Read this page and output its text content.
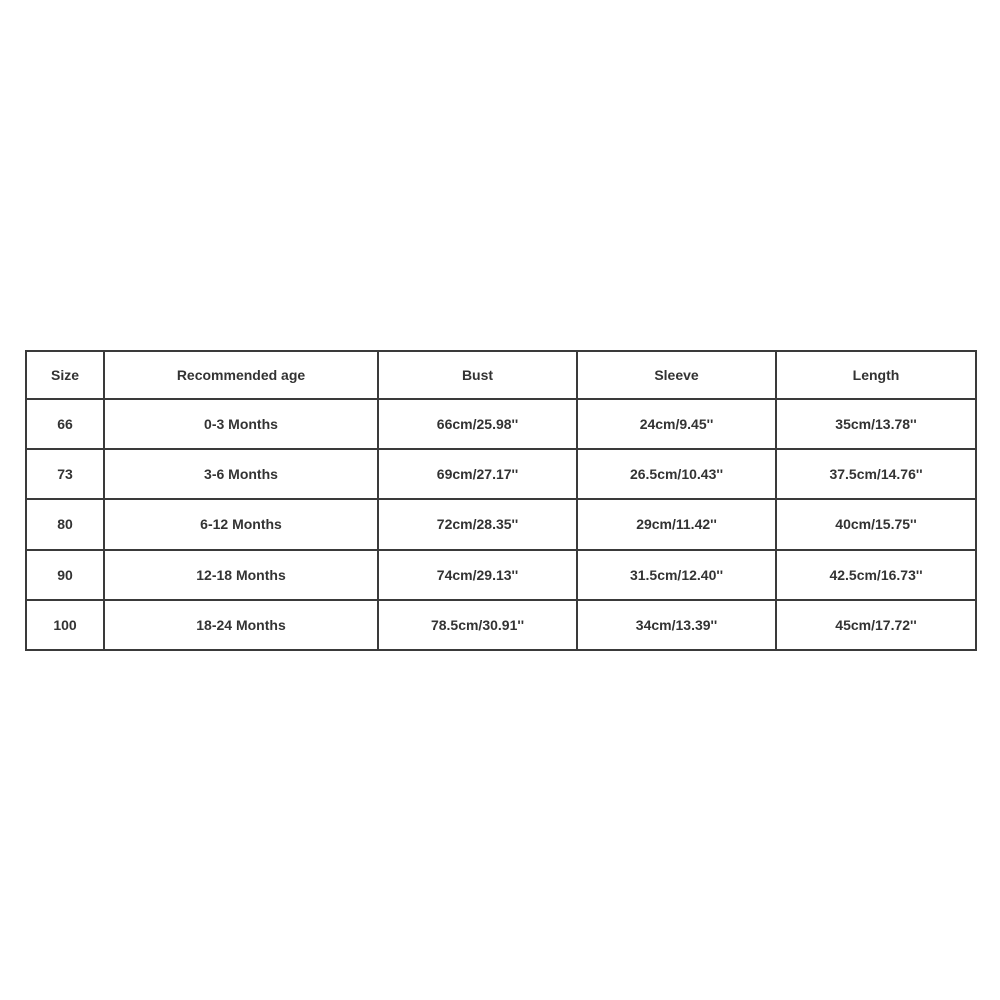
Size	Recommended age	Bust	Sleeve	Length
66	0-3 Months	66cm/25.98''	24cm/9.45''	35cm/13.78''
73	3-6 Months	69cm/27.17''	26.5cm/10.43''	37.5cm/14.76''
80	6-12 Months	72cm/28.35''	29cm/11.42''	40cm/15.75''
90	12-18 Months	74cm/29.13''	31.5cm/12.40''	42.5cm/16.73''
100	18-24 Months	78.5cm/30.91''	34cm/13.39''	45cm/17.72''
